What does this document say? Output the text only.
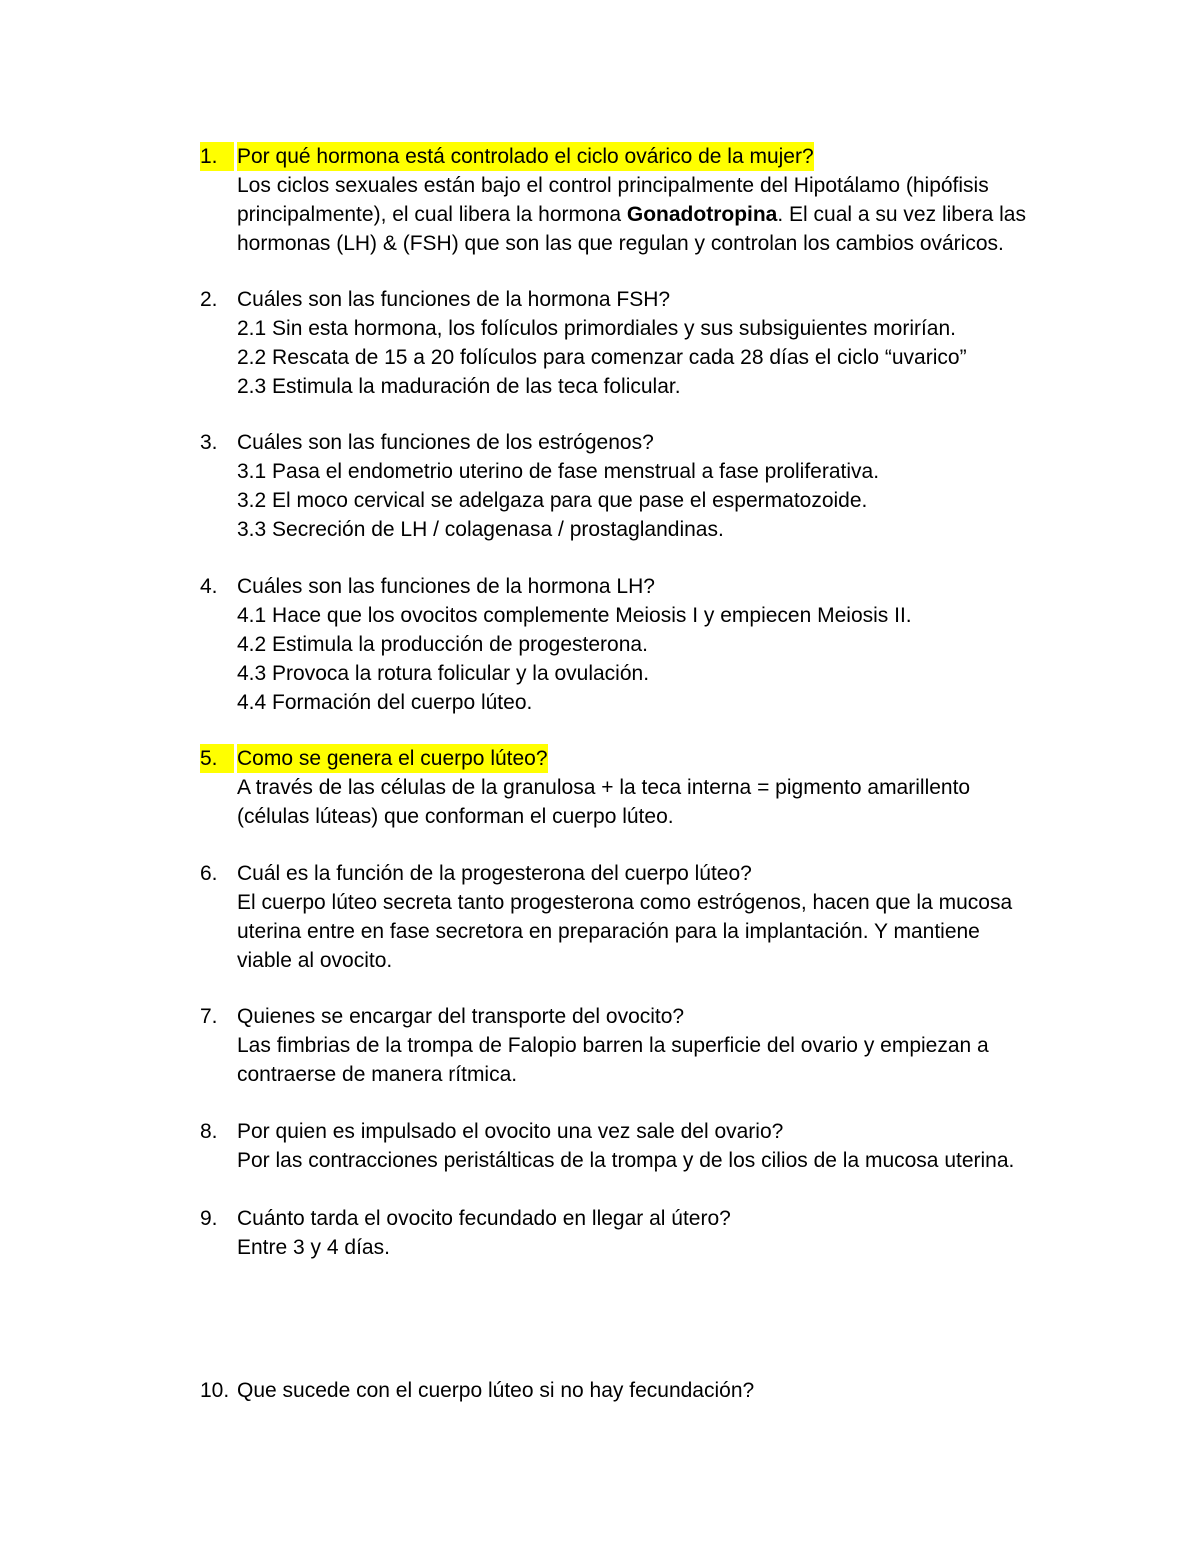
1. Por qué hormona está controlado el ciclo ovárico de la mujer?
Los ciclos sexuales están bajo el control principalmente del Hipotálamo (hipófisis
principalmente), el cual libera la hormona Gonadotropina. El cual a su vez libera las
hormonas (LH) & (FSH) que son las que regulan y controlan los cambios ováricos.
2. Cuáles son las funciones de la hormona FSH?
2.1 Sin esta hormona, los folículos primordiales y sus subsiguientes morirían.
2.2 Rescata de 15 a 20 folículos para comenzar cada 28 días el ciclo “uvarico”
2.3 Estimula la maduración de las teca folicular.
3. Cuáles son las funciones de los estrógenos?
3.1 Pasa el endometrio uterino de fase menstrual a fase proliferativa.
3.2 El moco cervical se adelgaza para que pase el espermatozoide.
3.3 Secreción de LH / colagenasa / prostaglandinas.
4. Cuáles son las funciones de la hormona LH?
4.1 Hace que los ovocitos complemente Meiosis I y empiecen Meiosis II.
4.2 Estimula la producción de progesterona.
4.3 Provoca la rotura folicular y la ovulación.
4.4 Formación del cuerpo lúteo.
5. Como se genera el cuerpo lúteo?
A través de las células de la granulosa + la teca interna = pigmento amarillento
(células lúteas) que conforman el cuerpo lúteo.
6. Cuál es la función de la progesterona del cuerpo lúteo?
El cuerpo lúteo secreta tanto progesterona como estrógenos, hacen que la mucosa
uterina entre en fase secretora en preparación para la implantación. Y mantiene
viable al ovocito.
7. Quienes se encargar del transporte del ovocito?
Las fimbrias de la trompa de Falopio barren la superficie del ovario y empiezan a
contraerse de manera rítmica.
8. Por quien es impulsado el ovocito una vez sale del ovario?
Por las contracciones peristálticas de la trompa y de los cilios de la mucosa uterina.
9. Cuánto tarda el ovocito fecundado en llegar al útero?
Entre 3 y 4 días.
10. Que sucede con el cuerpo lúteo si no hay fecundación?
